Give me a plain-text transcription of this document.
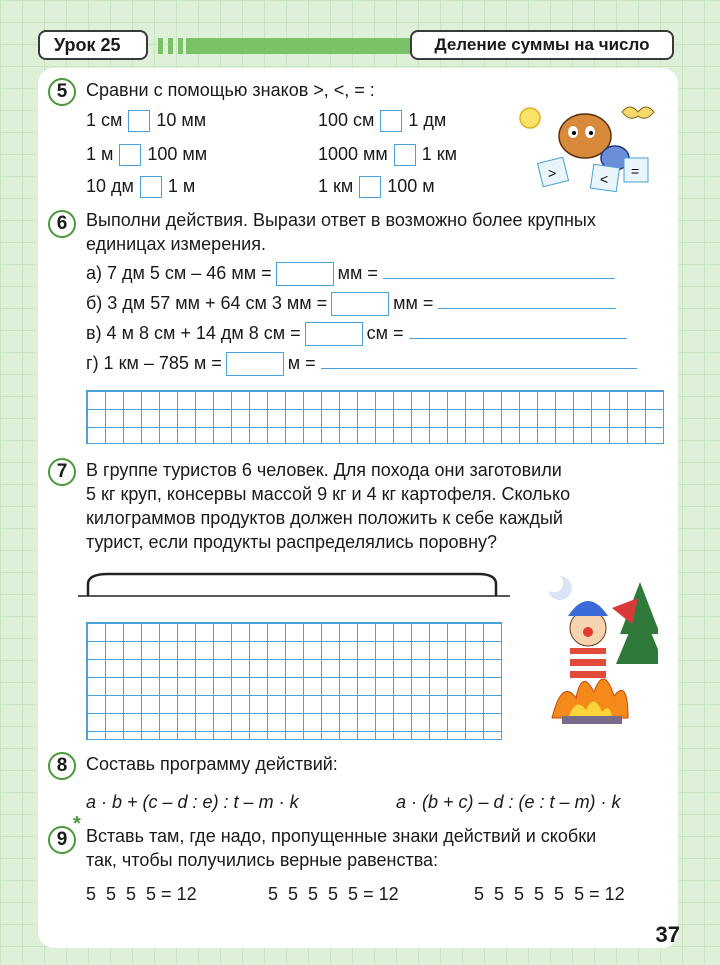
Урок 25	Деление суммы на число
5	Сравни с помощью знаков >, <, = :
1 см 10 мм	100 см 1 дм
1 м 100 мм	1000 мм 1 км
10 дм 1 м	1 км 100 м
>	< =
6	Выполни действия. Вырази ответ в возможно более крупных
единицах измерения.
а) 7 дм 5 см – 46 мм =	мм =
б) 3 дм 57 мм + 64 см 3 мм =	мм =
в) 4 м 8 см + 14 дм 8 см =	см =
г) 1 км – 785 м =	м =
7	В группе туристов 6 человек. Для похода они заготовили
5 кг круп, консервы массой 9 кг и 4 кг картофеля. Сколько
килограммов продуктов должен положить к себе каждый
турист, если продукты распределялись поровну?
8	Составь программу действий:
a · b + (c – d : e) : t – m · k	a · (b + c) – d : (e : t – m) · k
9
*
Вставь там, где надо, пропущенные знаки действий и скобки
так, чтобы получились верные равенства:
5  5  5  5 = 12	5  5  5  5  5 = 12	5  5  5  5  5  5 = 12
37
